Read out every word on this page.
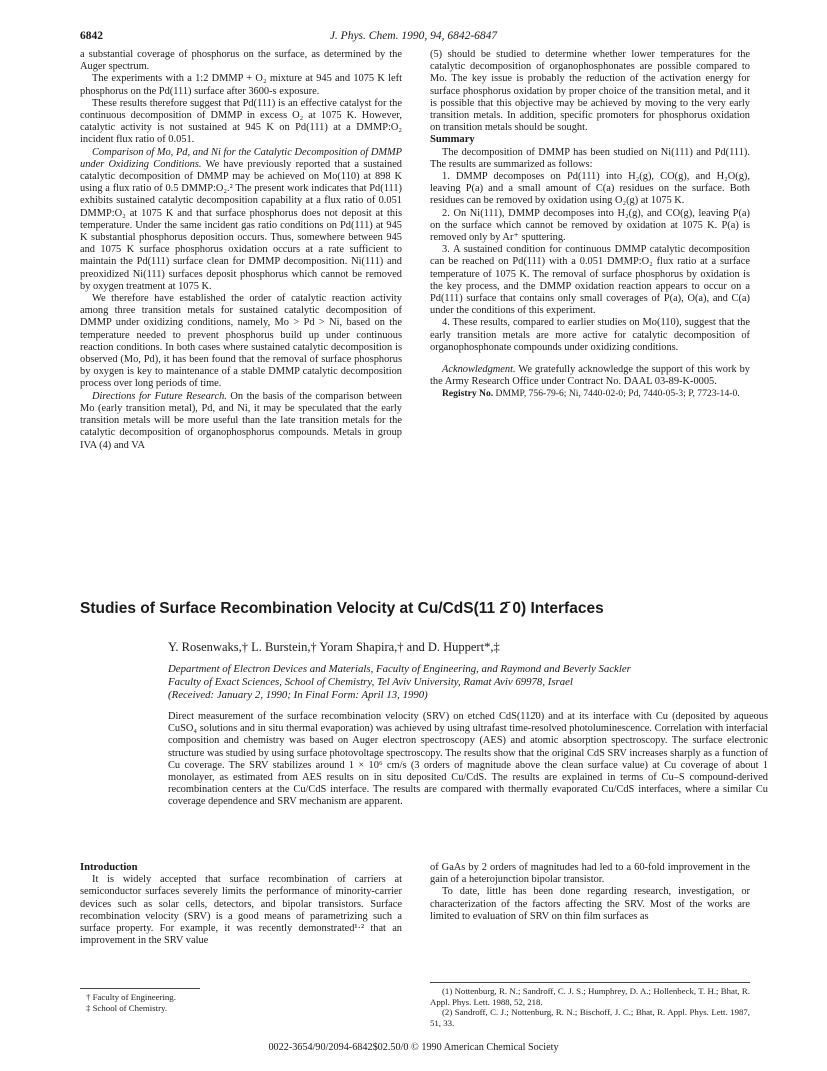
6842	J. Phys. Chem. 1990, 94, 6842-6847

a substantial coverage of phosphorus on the surface, as determined by the Auger spectrum.

The experiments with a 1:2 DMMP + O₂ mixture at 945 and 1075 K left phosphorus on the Pd(111) surface after 3600-s exposure.

These results therefore suggest that Pd(111) is an effective catalyst for the continuous decomposition of DMMP in excess O₂ at 1075 K. However, catalytic activity is not sustained at 945 K on Pd(111) at a DMMP:O₂ incident flux ratio of 0.051.

Comparison of Mo, Pd, and Ni for the Catalytic Decomposition of DMMP under Oxidizing Conditions. We have previously reported that a sustained catalytic decomposition of DMMP may be achieved on Mo(110) at 898 K using a flux ratio of 0.5 DMMP:O₂.² The present work indicates that Pd(111) exhibits sustained catalytic decomposition capability at a flux ratio of 0.051 DMMP:O₂ at 1075 K and that surface phosphorus does not deposit at this temperature. Under the same incident gas ratio conditions on Pd(111) at 945 K substantial phosphorus deposition occurs. Thus, somewhere between 945 and 1075 K surface phosphorus oxidation occurs at a rate sufficient to maintain the Pd(111) surface clean for DMMP decomposition. Ni(111) and preoxidized Ni(111) surfaces deposit phosphorus which cannot be removed by oxygen treatment at 1075 K.

We therefore have established the order of catalytic reaction activity among three transition metals for sustained catalytic decomposition of DMMP under oxidizing conditions, namely, Mo > Pd > Ni, based on the temperature needed to prevent phosphorus build up under continuous reaction conditions. In both cases where sustained catalytic decomposition is observed (Mo, Pd), it has been found that the removal of surface phosphorus by oxygen is key to maintenance of a stable DMMP catalytic decomposition process over long periods of time.

Directions for Future Research. On the basis of the comparison between Mo (early transition metal), Pd, and Ni, it may be speculated that the early transition metals will be more useful than the late transition metals for the catalytic decomposition of organophosphorus compounds. Metals in group IVA (4) and VA

(5) should be studied to determine whether lower temperatures for the catalytic decomposition of organophosphonates are possible compared to Mo. The key issue is probably the reduction of the activation energy for surface phosphorus oxidation by proper choice of the transition metal, and it is possible that this objective may be achieved by moving to the very early transition metals. In addition, specific promoters for phosphorus oxidation on transition metals should be sought.

Summary

The decomposition of DMMP has been studied on Ni(111) and Pd(111). The results are summarized as follows:

1. DMMP decomposes on Pd(111) into H₂(g), CO(g), and H₂O(g), leaving P(a) and a small amount of C(a) residues on the surface. Both residues can be removed by oxidation using O₂(g) at 1075 K.

2. On Ni(111), DMMP decomposes into H₂(g), and CO(g), leaving P(a) on the surface which cannot be removed by oxidation at 1075 K. P(a) is removed only by Ar⁺ sputtering.

3. A sustained condition for continuous DMMP catalytic decomposition can be reached on Pd(111) with a 0.051 DMMP:O₂ flux ratio at a surface temperature of 1075 K. The removal of surface phosphorus by oxidation is the key process, and the DMMP oxidation reaction appears to occur on a Pd(111) surface that contains only small coverages of P(a), O(a), and C(a) under the conditions of this experiment.

4. These results, compared to earlier studies on Mo(110), suggest that the early transition metals are more active for catalytic decomposition of organophosphonate compounds under oxidizing conditions.

Acknowledgment. We gratefully acknowledge the support of this work by the Army Research Office under Contract No. DAAL 03-89-K-0005.

Registry No. DMMP, 756-79-6; Ni, 7440-02-0; Pd, 7440-05-3; P, 7723-14-0.

Studies of Surface Recombination Velocity at Cu/CdS(11 2̄ 0) Interfaces
Y. Rosenwaks,† L. Burstein,† Yoram Shapira,† and D. Huppert*,‡
Department of Electron Devices and Materials, Faculty of Engineering, and Raymond and Beverly Sackler
Faculty of Exact Sciences, School of Chemistry, Tel Aviv University, Ramat Aviv 69978, Israel
(Received: January 2, 1990; In Final Form: April 13, 1990)
Direct measurement of the surface recombination velocity (SRV) on etched CdS(112̄0) and at its interface with Cu (deposited by aqueous CuSO₄ solutions and in situ thermal evaporation) was achieved by using ultrafast time-resolved photoluminescence. Correlation with interfacial composition and chemistry was based on Auger electron spectroscopy (AES) and atomic absorption spectroscopy. The surface electronic structure was studied by using surface photovoltage spectroscopy. The results show that the original CdS SRV increases sharply as a function of Cu coverage. The SRV stabilizes around 1 × 10⁶ cm/s (3 orders of magnitude above the clean surface value) at Cu coverage of about 1 monolayer, as estimated from AES results on in situ deposited Cu/CdS. The results are explained in terms of Cu–S compound-derived recombination centers at the Cu/CdS interface. The results are compared with thermally evaporated Cu/CdS interfaces, where a similar Cu coverage dependence and SRV mechanism are apparent.

Introduction

It is widely accepted that surface recombination of carriers at semiconductor surfaces severely limits the performance of minority-carrier devices such as solar cells, detectors, and bipolar transistors. Surface recombination velocity (SRV) is a good means of parametrizing such a surface property. For example, it was recently demonstrated¹·² that an improvement in the SRV value

of GaAs by 2 orders of magnitudes had led to a 60-fold improvement in the gain of a heterojunction bipolar transistor.

To date, little has been done regarding research, investigation, or characterization of the factors affecting the SRV. Most of the works are limited to evaluation of SRV on thin film surfaces as

† Faculty of Engineering.
‡ School of Chemistry.

(1) Nottenburg, R. N.; Sandroff, C. J. S.; Humphrey, D. A.; Hollenbeck, T. H.; Bhat, R. Appl. Phys. Lett. 1988, 52, 218.

(2) Sandroff, C. J.; Nottenburg, R. N.; Bischoff, J. C.; Bhat, R. Appl. Phys. Lett. 1987, 51, 33.

0022-3654/90/2094-6842$02.50/0 © 1990 American Chemical Society
